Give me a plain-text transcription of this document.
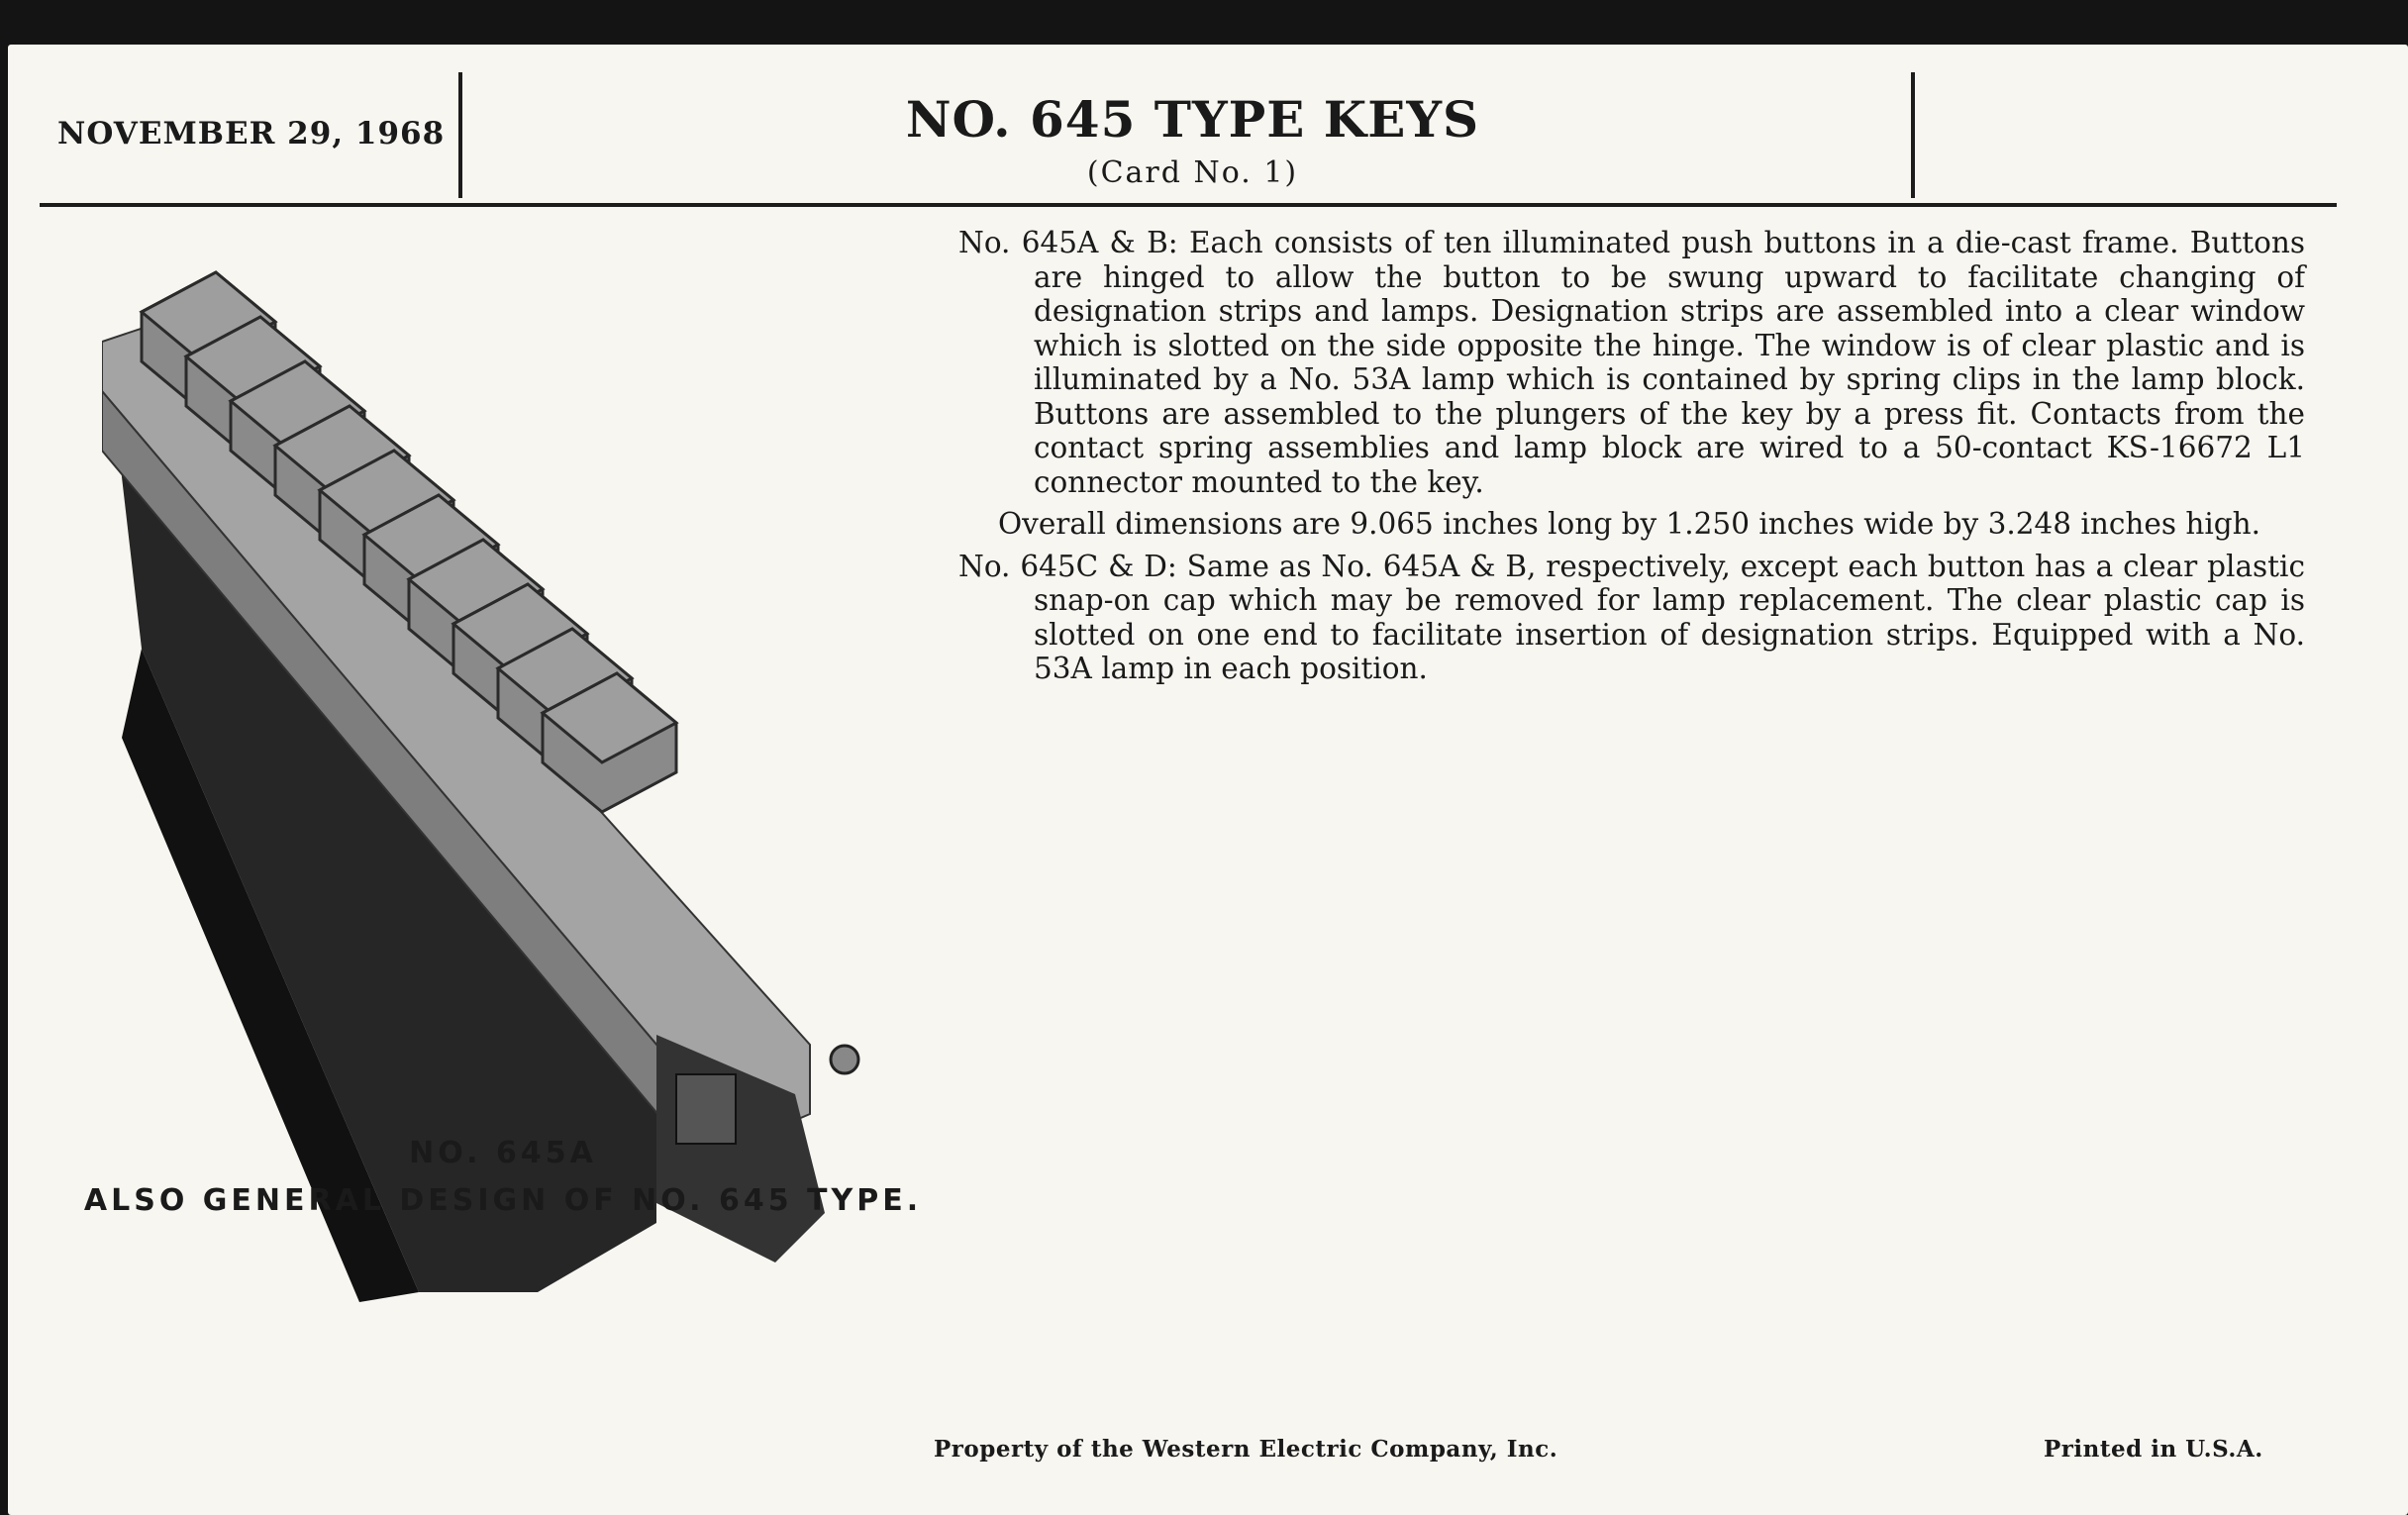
NOVEMBER 29, 1968	NO. 645 TYPE KEYS
(Card No. 1)
NO. 645A
ALSO GENERAL DESIGN OF NO. 645 TYPE.

No. 645A & B: Each consists of ten illuminated push buttons in a die-cast frame. Buttons are hinged to allow the button to be swung upward to facilitate changing of designation strips and lamps. Designation strips are assembled into a clear window which is slotted on the side opposite the hinge. The window is of clear plastic and is illuminated by a No. 53A lamp which is contained by spring clips in the lamp block. Buttons are assembled to the plungers of the key by a press fit. Contacts from the contact spring assemblies and lamp block are wired to a 50-contact KS-16672 L1 connector mounted to the key.

Overall dimensions are 9.065 inches long by 1.250 inches wide by 3.248 inches high.

No. 645C & D: Same as No. 645A & B, respectively, except each button has a clear plastic snap-on cap which may be removed for lamp replacement. The clear plastic cap is slotted on one end to facilitate insertion of designation strips. Equipped with a No. 53A lamp in each position.

Property of the Western Electric Company, Inc.	Printed in U.S.A.
